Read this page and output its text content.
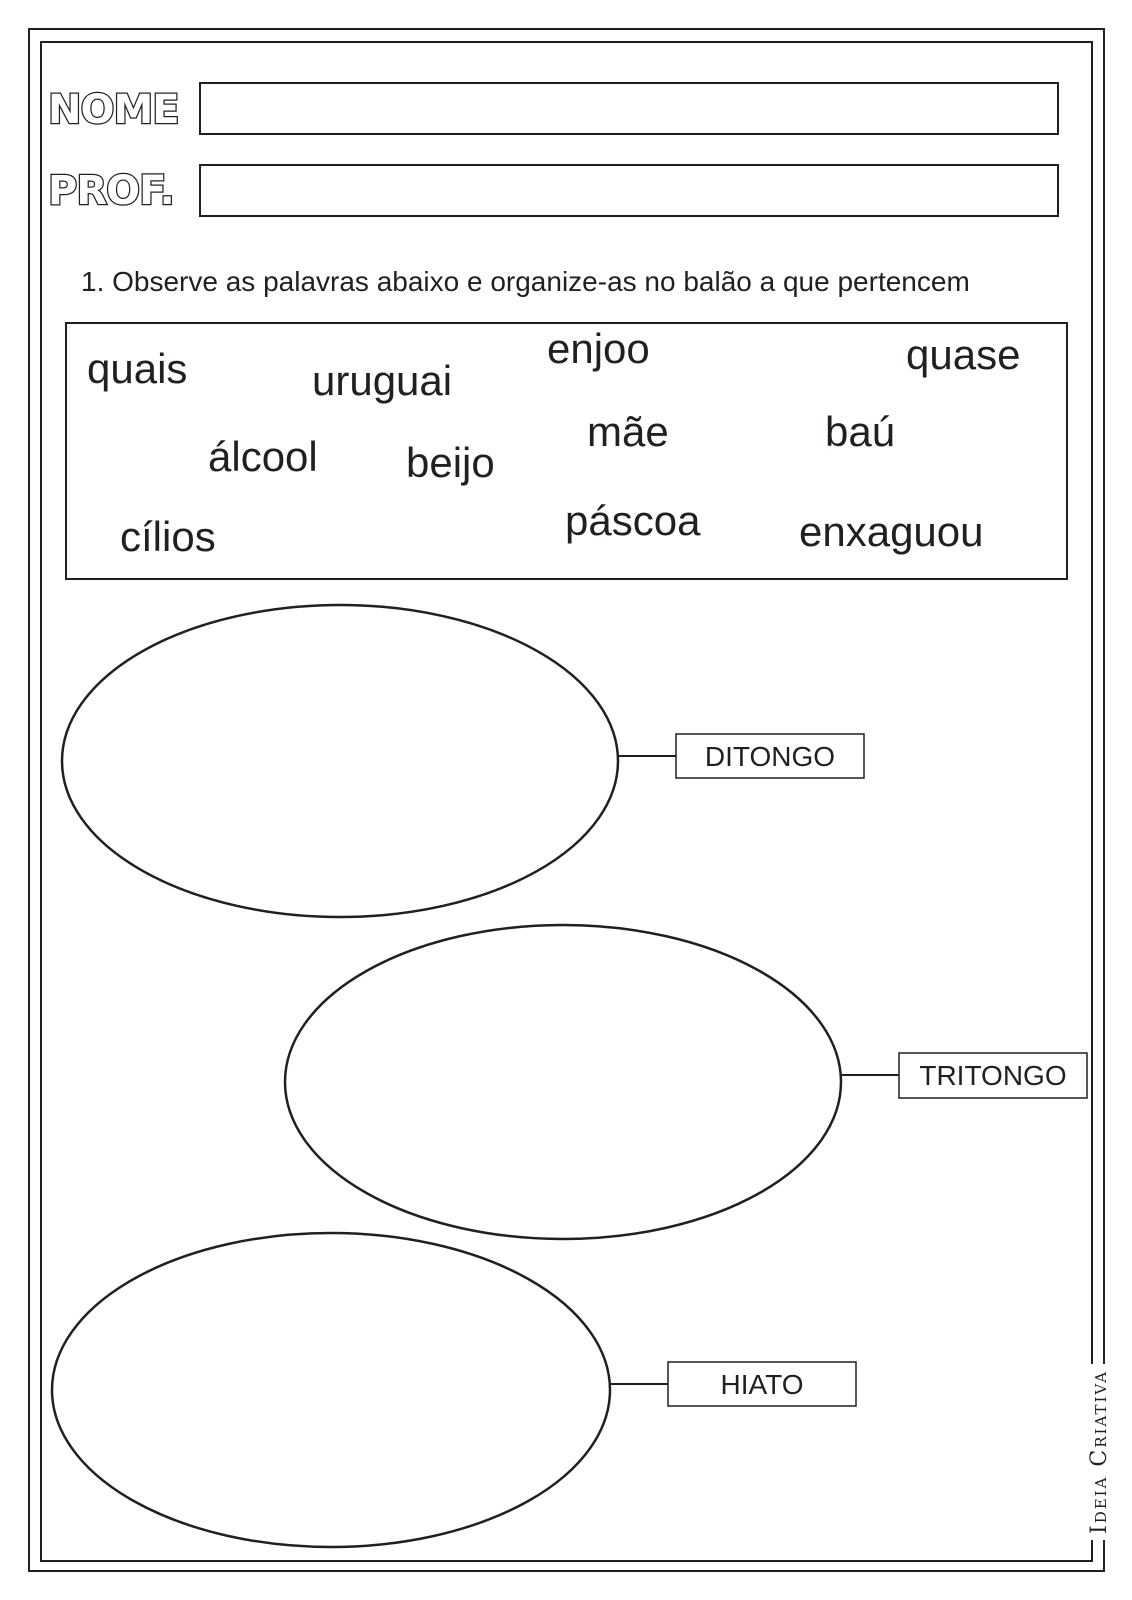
NOME
PROF.
1. Observe as palavras abaixo e organize-as no balão a que pertencem
quais	uruguai
enjoo	quase
álcool beijo
mãe	baú
cílios	páscoa enxaguou
DITONGO
TRITONGO
HIATO	Ideia Criativa
